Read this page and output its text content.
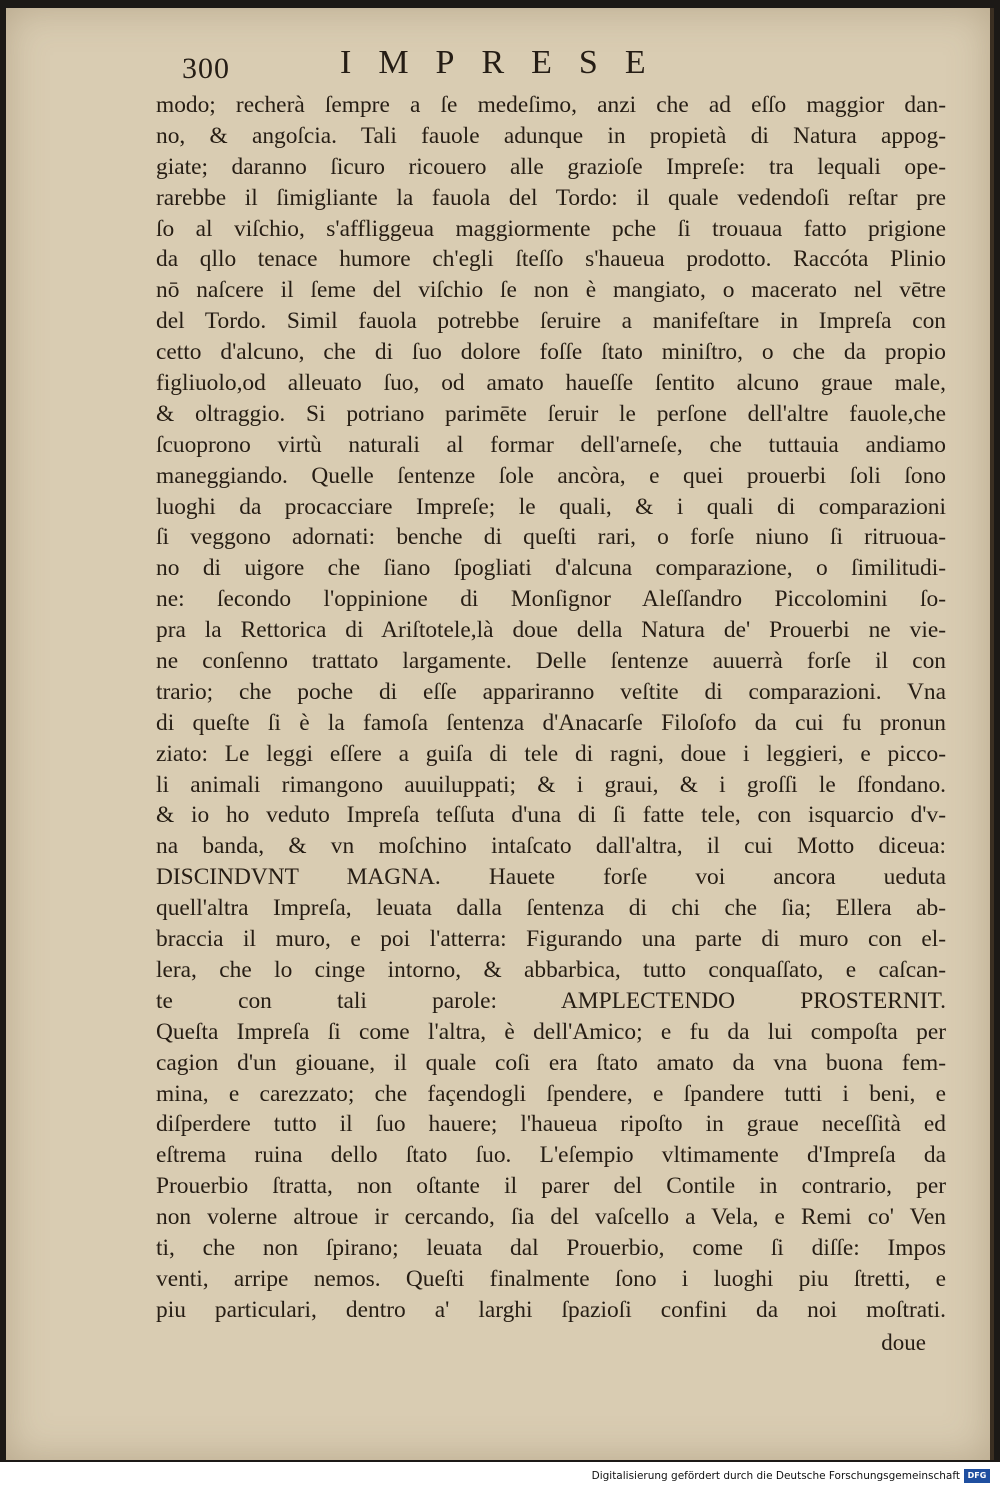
300	IMPRESE
modo; recherà ſempre a ſe medeſimo, anzi che ad eſſo maggior dan-
no, & angoſcia. Tali fauole adunque in propietà di Natura appog-
giate; daranno ſicuro ricouero alle grazioſe Impreſe: tra lequali ope-
rarebbe il ſimigliante la fauola del Tordo: il quale vedendoſi reſtar pre
ſo al viſchio, s'affliggeua maggiormente pche ſi trouaua fatto prigione
da qllo tenace humore ch'egli ſteſſo s'haueua prodotto. Raccóta Plinio
nō naſcere il ſeme del viſchio ſe non è mangiato, o macerato nel vētre
del Tordo. Simil fauola potrebbe ſeruire a manifeſtare in Impreſa con
cetto d'alcuno, che di ſuo dolore foſſe ſtato miniſtro, o che da propio
figliuolo,od alleuato ſuo, od amato haueſſe ſentito alcuno graue male,
& oltraggio. Si potriano parimēte ſeruir le perſone dell'altre fauole,che
ſcuoprono virtù naturali al formar dell'arneſe, che tuttauia andiamo
maneggiando. Quelle ſentenze ſole ancòra, e quei prouerbi ſoli ſono
luoghi da procacciare Impreſe; le quali, & i quali di comparazioni
ſi veggono adornati: benche di queſti rari, o forſe niuno ſi ritruoua-
no di uigore che ſiano ſpogliati d'alcuna comparazione, o ſimilitudi-
ne: ſecondo l'oppinione di Monſignor Aleſſandro Piccolomini ſo-
pra la Rettorica di Ariſtotele,là doue della Natura de' Prouerbi ne vie-
ne conſenno trattato largamente. Delle ſentenze auuerrà forſe il con
trario; che poche di eſſe appariranno veſtite di comparazioni. Vna
di queſte ſi è la famoſa ſentenza d'Anacarſe Filoſofo da cui fu pronun
ziato: Le leggi eſſere a guiſa di tele di ragni, doue i leggieri, e picco-
li animali rimangono auuiluppati; & i graui, & i groſſi le ſfondano.
& io ho veduto Impreſa teſſuta d'una di ſi fatte tele, con isquarcio d'v-
na banda, & vn moſchino intaſcato dall'altra, il cui Motto diceua:
DISCINDVNT MAGNA. Hauete forſe voi ancora ueduta
quell'altra Impreſa, leuata dalla ſentenza di chi che ſia; Ellera ab-
braccia il muro, e poi l'atterra: Figurando una parte di muro con el-
lera, che lo cinge intorno, & abbarbica, tutto conquaſſato, e caſcan-
te con tali parole: AMPLECTENDO PROSTERNIT.
Queſta Impreſa ſi come l'altra, è dell'Amico; e fu da lui compoſta per
cagion d'un giouane, il quale coſi era ſtato amato da vna buona fem-
mina, e carezzato; che façendogli ſpendere, e ſpandere tutti i beni, e
diſperdere tutto il ſuo hauere; l'haueua ripoſto in graue neceſſità ed
eſtrema ruina dello ſtato ſuo. L'eſempio vltimamente d'Impreſa da
Prouerbio ſtratta, non oſtante il parer del Contile in contrario, per
non volerne altroue ir cercando, ſia del vaſcello a Vela, e Remi co' Ven
ti, che non ſpirano; leuata dal Prouerbio, come ſi diſſe: Impos
venti, arripe nemos. Queſti finalmente ſono i luoghi piu ſtretti, e
piu particulari, dentro a' larghi ſpazioſi confini da noi moſtrati.
doue
Digitalisierung gefördert durch die Deutsche Forschungsgemeinschaft DFG
